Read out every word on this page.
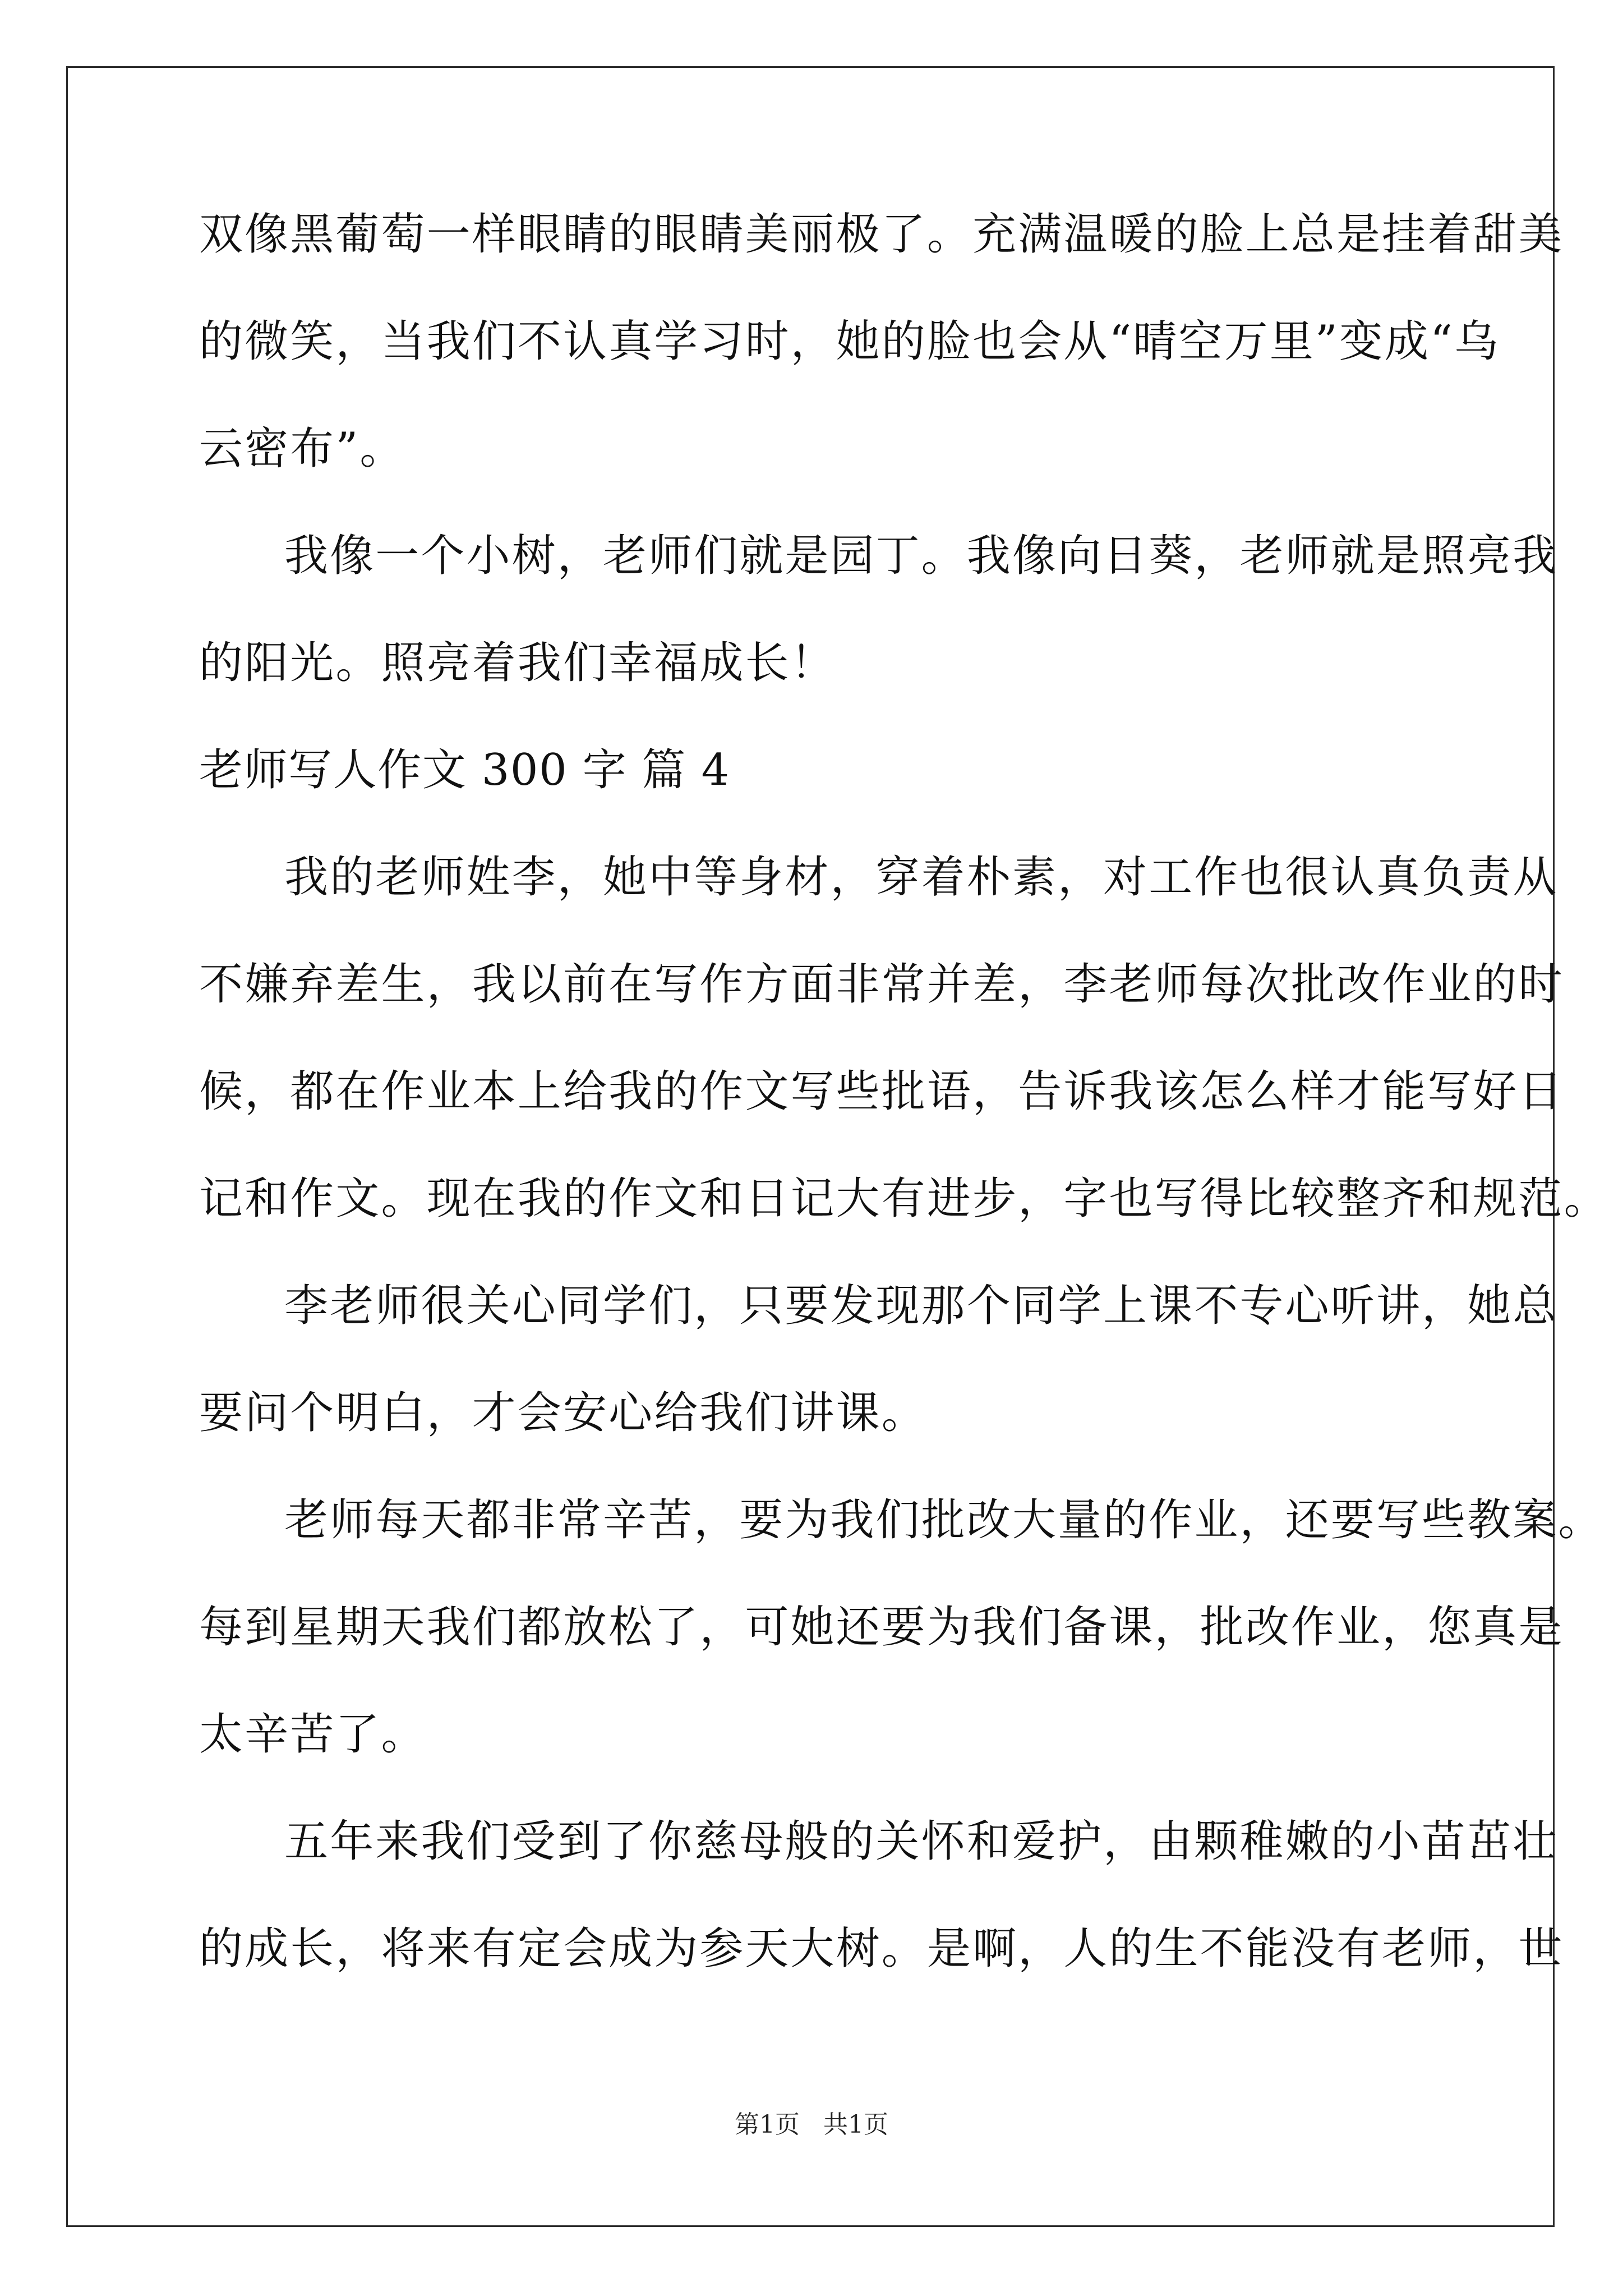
双像黑葡萄一样眼睛的眼睛美丽极了。充满温暖的脸上总是挂着甜美
的微笑，当我们不认真学习时，她的脸也会从“晴空万里”变成“乌
云密布”。
我像一个小树，老师们就是园丁。我像向日葵，老师就是照亮我
的阳光。照亮着我们幸福成长！
老师写人作文 300 字 篇 4
我的老师姓李，她中等身材，穿着朴素，对工作也很认真负责从
不嫌弃差生，我以前在写作方面非常并差，李老师每次批改作业的时
候，都在作业本上给我的作文写些批语，告诉我该怎么样才能写好日
记和作文。现在我的作文和日记大有进步，字也写得比较整齐和规范。
李老师很关心同学们，只要发现那个同学上课不专心听讲，她总
要问个明白，才会安心给我们讲课。
老师每天都非常辛苦，要为我们批改大量的作业，还要写些教案。
每到星期天我们都放松了，可她还要为我们备课，批改作业，您真是
太辛苦了。
五年来我们受到了你慈母般的关怀和爱护，由颗稚嫩的小苗茁壮
的成长，将来有定会成为参天大树。是啊，人的生不能没有老师，世
第1页 共1页
